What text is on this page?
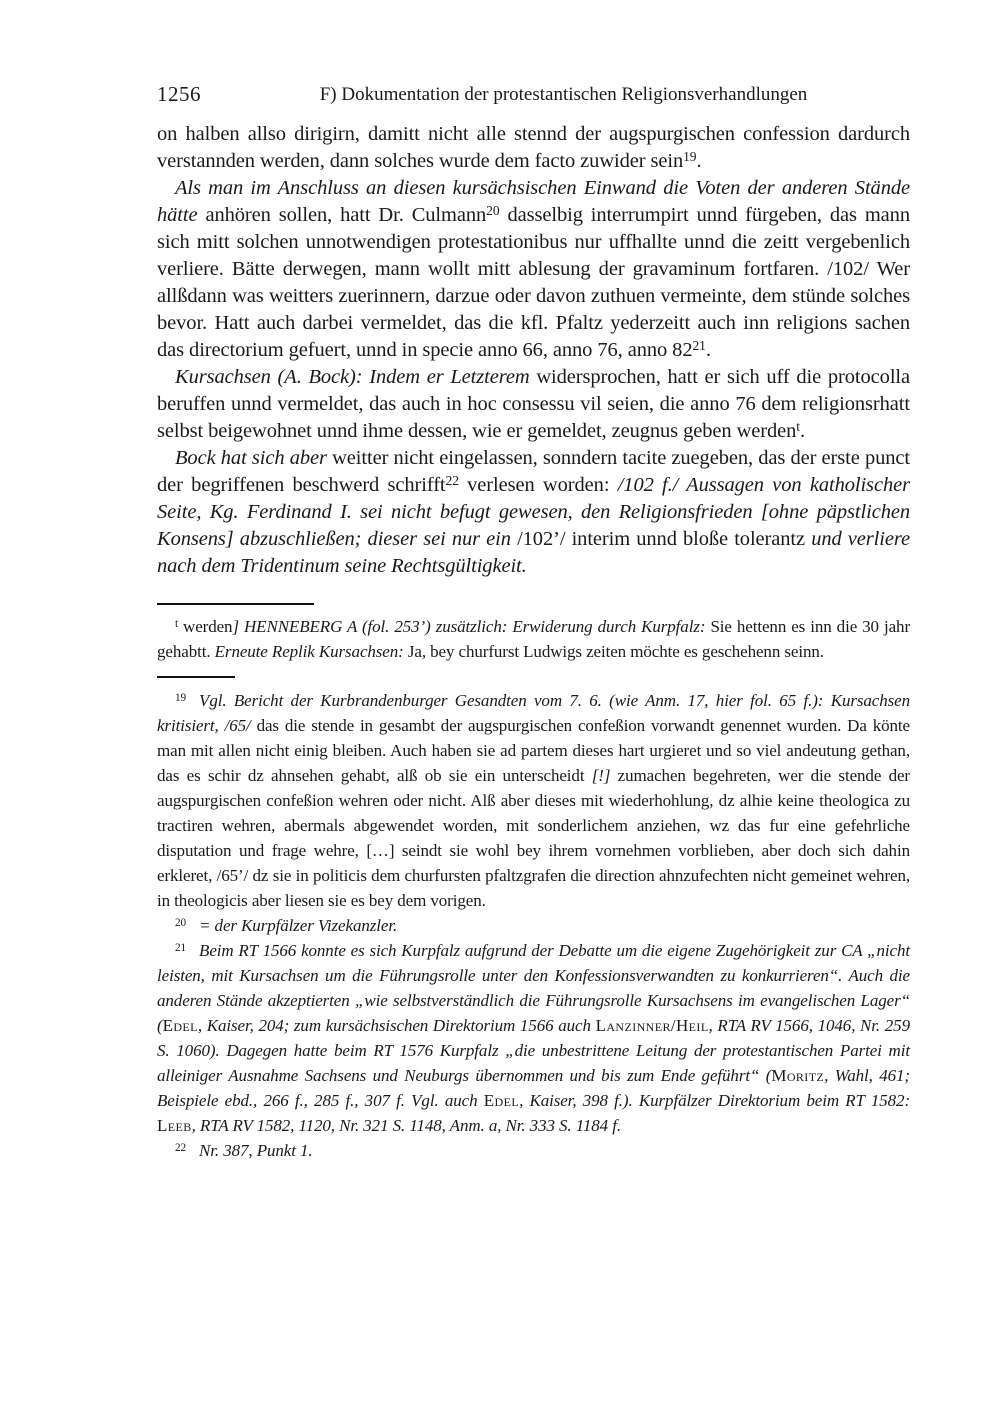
1256	F) Dokumentation der protestantischen Religionsverhandlungen

on halben allso dirigirn, damitt nicht alle stennd der augspurgischen confession dardurch verstannden werden, dann solches wurde dem facto zuwider sein$^{19}$.

Als man im Anschluss an diesen kursächsischen Einwand die Voten der anderen Stände hätte anhören sollen, hatt Dr. Culmann$^{20}$ dasselbig interrumpirt unnd fürgeben, das mann sich mitt solchen unnotwendigen protestationibus nur uffhallte unnd die zeitt vergebenlich verliere. Bätte derwegen, mann wollt mitt ablesung der gravaminum fortfaren. /102/ Wer allßdann was weitters zuerinnern, darzue oder davon zuthuen vermeinte, dem stünde solches bevor. Hatt auch darbei vermeldet, das die kfl. Pfaltz yederzeitt auch inn religions sachen das directorium gefuert, unnd in specie anno 66, anno 76, anno $82^{21}$.

Kursachsen (A. Bock): Indem er Letzterem widersprochen, hatt er sich uff die protocolla beruffen unnd vermeldet, das auch in hoc consessu vil seien, die anno 76 dem religionsrhatt selbst beigewohnet unnd ihme dessen, wie er gemeldet, zeugnus geben werden$^t$.

Bock hat sich aber weitter nicht eingelassen, sonndern tacite zuegeben, das der erste punct der begriffenen beschwerd schrifft$^{22}$ verlesen worden: /102 f./ Aussagen von katholischer Seite, Kg. Ferdinand I. sei nicht befugt gewesen, den Religionsfrieden [ohne päpstlichen Konsens] abzuschließen; dieser sei nur ein /102’/ interim unnd bloße tolerantz und verliere nach dem Tridentinum seine Rechtsgültigkeit.

$^t$ werden] HENNEBERG A (fol. 253’) zusätzlich: Erwiderung durch Kurpfalz: Sie hettenn es inn die 30 jahr gehabtt. Erneute Replik Kursachsen: Ja, bey churfurst Ludwigs zeiten möchte es geschehenn seinn.

$^{19}$ Vgl. Bericht der Kurbrandenburger Gesandten vom 7. 6. (wie Anm. 17, hier fol. 65 f.): Kursachsen kritisiert, /65/ das die stende in gesambt der augspurgischen confeßion vorwandt genennet wurden. Da könte man mit allen nicht einig bleiben. Auch haben sie ad partem dieses hart urgieret und so viel andeutung gethan, das es schir dz ahnsehen gehabt, alß ob sie ein unterscheidt [!] zumachen begehreten, wer die stende der augspurgischen confeßion wehren oder nicht. Alß aber dieses mit wiederhohlung, dz alhie keine theologica zu tractiren wehren, abermals abgewendet worden, mit sonderlichem anziehen, wz das fur eine gefehrliche disputation und frage wehre, […] seindt sie wohl bey ihrem vornehmen vorblieben, aber doch sich dahin erkleret, /65’/ dz sie in politicis dem churfursten pfaltzgrafen die direction ahnzufechten nicht gemeinet wehren, in theologicis aber liesen sie es bey dem vorigen.

$^{20}$ = der Kurpfälzer Vizekanzler.

$^{21}$ Beim RT 1566 konnte es sich Kurpfalz aufgrund der Debatte um die eigene Zugehörigkeit zur CA „nicht leisten, mit Kursachsen um die Führungsrolle unter den Konfessionsverwandten zu konkurrieren“. Auch die anderen Stände akzeptierten „wie selbstverständlich die Führungsrolle Kursachsens im evangelischen Lager“ (Edel, Kaiser, 204; zum kursächsischen Direktorium 1566 auch Lanzinner/Heil, RTA RV 1566, 1046, Nr. 259 S. 1060). Dagegen hatte beim RT 1576 Kurpfalz „die unbestrittene Leitung der protestantischen Partei mit alleiniger Ausnahme Sachsens und Neuburgs übernommen und bis zum Ende geführt“ (Moritz, Wahl, 461; Beispiele ebd., 266 f., 285 f., 307 f. Vgl. auch Edel, Kaiser, 398 f.). Kurpfälzer Direktorium beim RT 1582: Leeb, RTA RV 1582, 1120, Nr. 321 S. 1148, Anm. a, Nr. 333 S. 1184 f.

$^{22}$ Nr. 387, Punkt 1.
